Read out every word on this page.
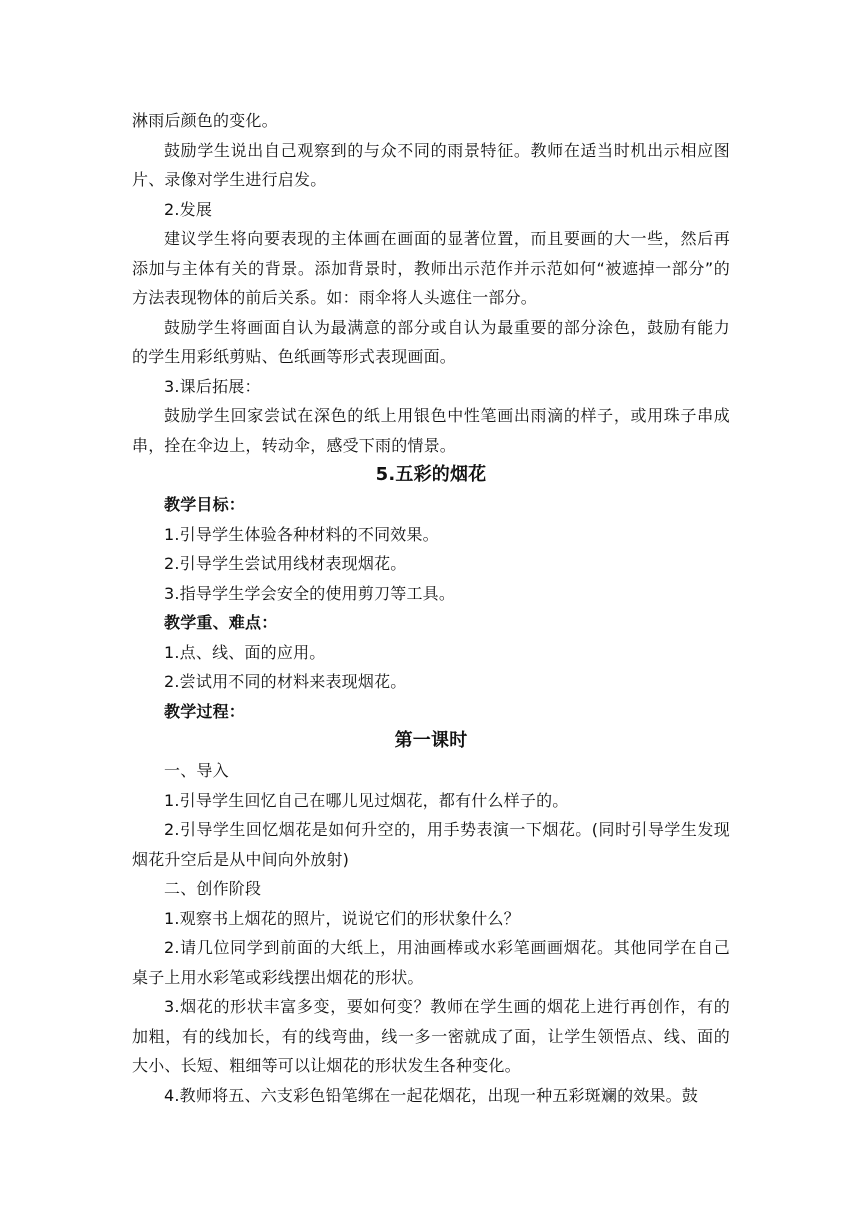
淋雨后颜色的变化。

鼓励学生说出自己观察到的与众不同的雨景特征。教师在适当时机出示相应图片、录像对学生进行启发。

2.发展

建议学生将向要表现的主体画在画面的显著位置，而且要画的大一些，然后再添加与主体有关的背景。添加背景时，教师出示范作并示范如何“被遮掉一部分”的方法表现物体的前后关系。如：雨伞将人头遮住一部分。

鼓励学生将画面自认为最满意的部分或自认为最重要的部分涂色，鼓励有能力的学生用彩纸剪贴、色纸画等形式表现画面。

3.课后拓展：

鼓励学生回家尝试在深色的纸上用银色中性笔画出雨滴的样子，或用珠子串成串，拴在伞边上，转动伞，感受下雨的情景。

5.五彩的烟花

教学目标：

1.引导学生体验各种材料的不同效果。

2.引导学生尝试用线材表现烟花。

3.指导学生学会安全的使用剪刀等工具。

教学重、难点：

1.点、线、面的应用。

2.尝试用不同的材料来表现烟花。

教学过程：

第一课时

一、导入

1.引导学生回忆自己在哪儿见过烟花，都有什么样子的。

2.引导学生回忆烟花是如何升空的，用手势表演一下烟花。(同时引导学生发现烟花升空后是从中间向外放射)

二、创作阶段

1.观察书上烟花的照片，说说它们的形状象什么？

2.请几位同学到前面的大纸上，用油画棒或水彩笔画画烟花。其他同学在自己桌子上用水彩笔或彩线摆出烟花的形状。

3.烟花的形状丰富多变，要如何变？教师在学生画的烟花上进行再创作，有的加粗，有的线加长，有的线弯曲，线一多一密就成了面，让学生领悟点、线、面的大小、长短、粗细等可以让烟花的形状发生各种变化。

4.教师将五、六支彩色铅笔绑在一起花烟花，出现一种五彩斑斓的效果。鼓
